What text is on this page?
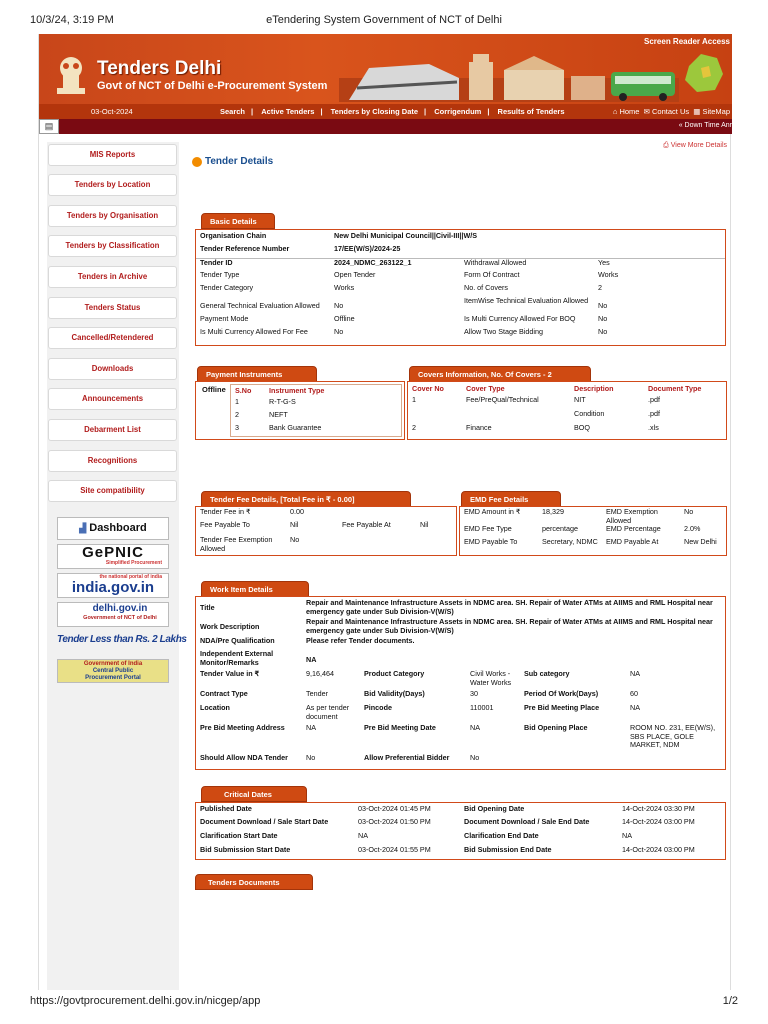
10/3/24, 3:19 PM	eTendering System Government of NCT of Delhi
Tenders Delhi
Govt of NCT of Delhi e-Procurement System
Screen Reader Access
03-Oct-2024	Search | Active Tenders | Tenders by Closing Date | Corrigendum | Results of Tenders	⌂ Home ✉ Contact Us ▦ SiteMap
▤	« Down Time Anr
MIS Reports
Tenders by Location
Tenders by Organisation
Tenders by Classification
Tenders in Archive
Tenders Status
Cancelled/Retendered
Downloads
Announcements
Debarment List
Recognitions
Site compatibility
▟ Dashboard
GePNIC
Simplified Procurement
the national portal of india
india.gov.in
delhi.gov.in
Government of NCT of Delhi
Tender Less than Rs. 2 Lakhs
Government of India
Central Public
Procurement Portal
⎙ View More Details
Tender Details
Basic Details
Organisation Chain	New Delhi Municipal Council||Civil-III||W/S		
Tender Reference Number	17/EE(W/S)/2024-25		
Tender ID	2024_NDMC_263122_1	Withdrawal Allowed	Yes
Tender Type	Open Tender	Form Of Contract	Works
Tender Category	Works	No. of Covers	2
General Technical Evaluation Allowed	No	ItemWise Technical Evaluation Allowed	No
Payment Mode	Offline	Is Multi Currency Allowed For BOQ	No
Is Multi Currency Allowed For Fee	No	Allow Two Stage Bidding	No
Payment Instruments
Offline S.No	Instrument Type
1	R-T-G-S
2	NEFT
3	Bank Guarantee
Covers Information, No. Of Covers - 2
Cover No	Cover Type	Description	Document Type
1	Fee/PreQual/Technical	NIT	.pdf
		Condition	.pdf
2	Finance	BOQ	.xls
Tender Fee Details, [Total Fee in ₹ - 0.00]
Tender Fee in ₹	0.00		
Fee Payable To	Nil	Fee Payable At	Nil
Tender Fee Exemption Allowed	No		
EMD Fee Details
EMD Amount in ₹	18,329	EMD Exemption Allowed	No
EMD Fee Type	percentage	EMD Percentage	2.0%
EMD Payable To	Secretary, NDMC	EMD Payable At	New Delhi
Work Item Details
Title	Repair and Maintenance Infrastructure Assets in NDMC area. SH. Repair of Water ATMs at AIIMS and RML Hospital near emergency gate under Sub Division-V(W/S)				
Work Description	Repair and Maintenance Infrastructure Assets in NDMC area. SH. Repair of Water ATMs at AIIMS and RML Hospital near emergency gate under Sub Division-V(W/S)				
NDA/Pre Qualification	Please refer Tender documents.				
Independent External Monitor/Remarks	NA				
Tender Value in ₹	9,16,464	Product Category	Civil Works - Water Works	Sub category	NA
Contract Type	Tender	Bid Validity(Days)	30	Period Of Work(Days)	60
Location	As per tender document	Pincode	110001	Pre Bid Meeting Place	NA
Pre Bid Meeting Address	NA	Pre Bid Meeting Date	NA	Bid Opening Place	ROOM NO. 231, EE(W/S), SBS PLACE, GOLE MARKET, NDM
Should Allow NDA Tender	No	Allow Preferential Bidder	No		
Critical Dates
Published Date	03-Oct-2024 01:45 PM	Bid Opening Date	14-Oct-2024 03:30 PM
Document Download / Sale Start Date	03-Oct-2024 01:50 PM	Document Download / Sale End Date	14-Oct-2024 03:00 PM
Clarification Start Date	NA	Clarification End Date	NA
Bid Submission Start Date	03-Oct-2024 01:55 PM	Bid Submission End Date	14-Oct-2024 03:00 PM
Tenders Documents
https://govtprocurement.delhi.gov.in/nicgep/app	1/2
